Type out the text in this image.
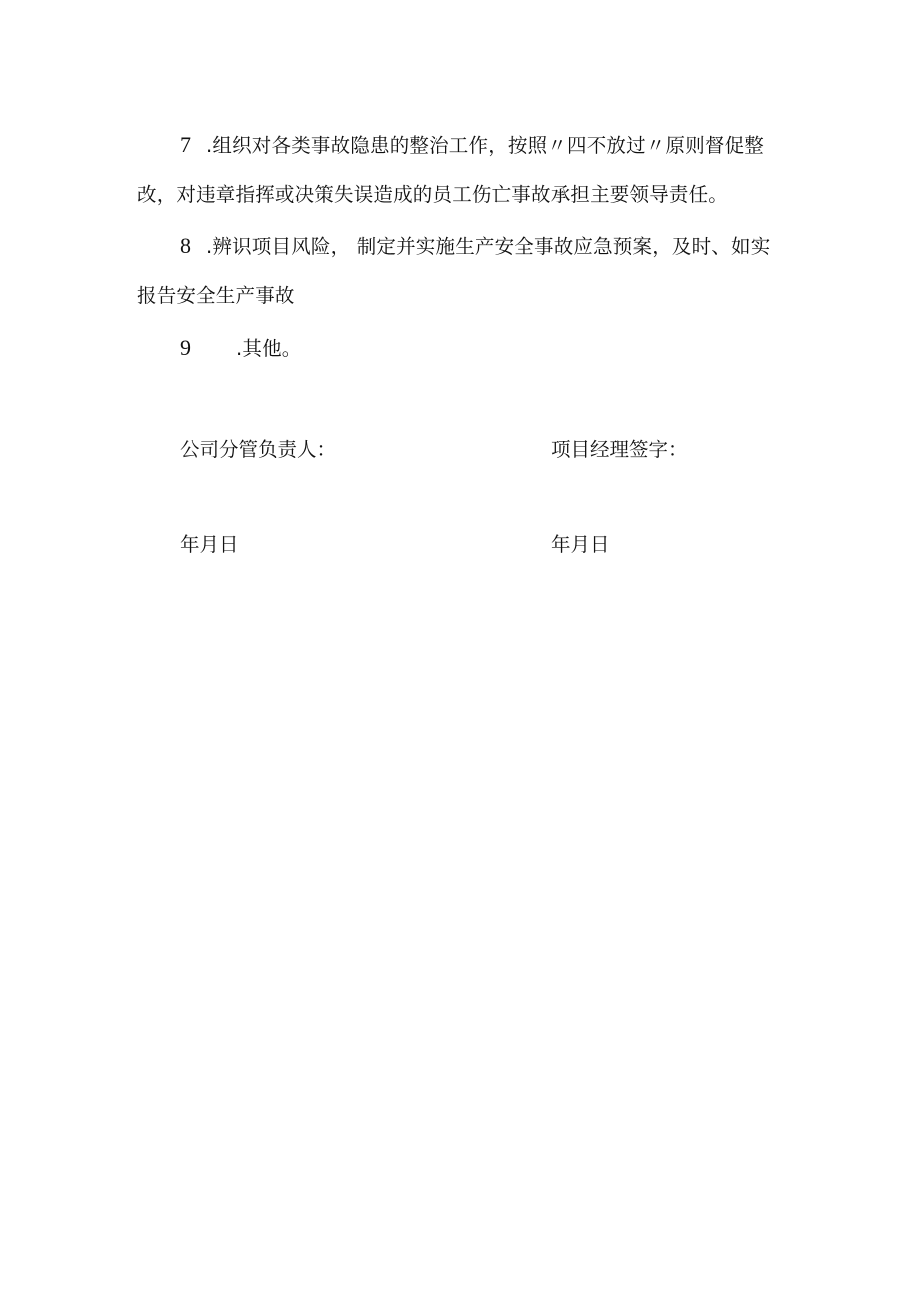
7 .组织对各类事故隐患的整治工作，按照〃四不放过〃原则督促整
改，对违章指挥或决策失误造成的员工伤亡事故承担主要领导责任。
8 .辨识项目风险， 制定并实施生产安全事故应急预案，及时、如实
报告安全生产事故
9 .其他。
公司分管负责人：	项目经理签字：
年月日	年月日
